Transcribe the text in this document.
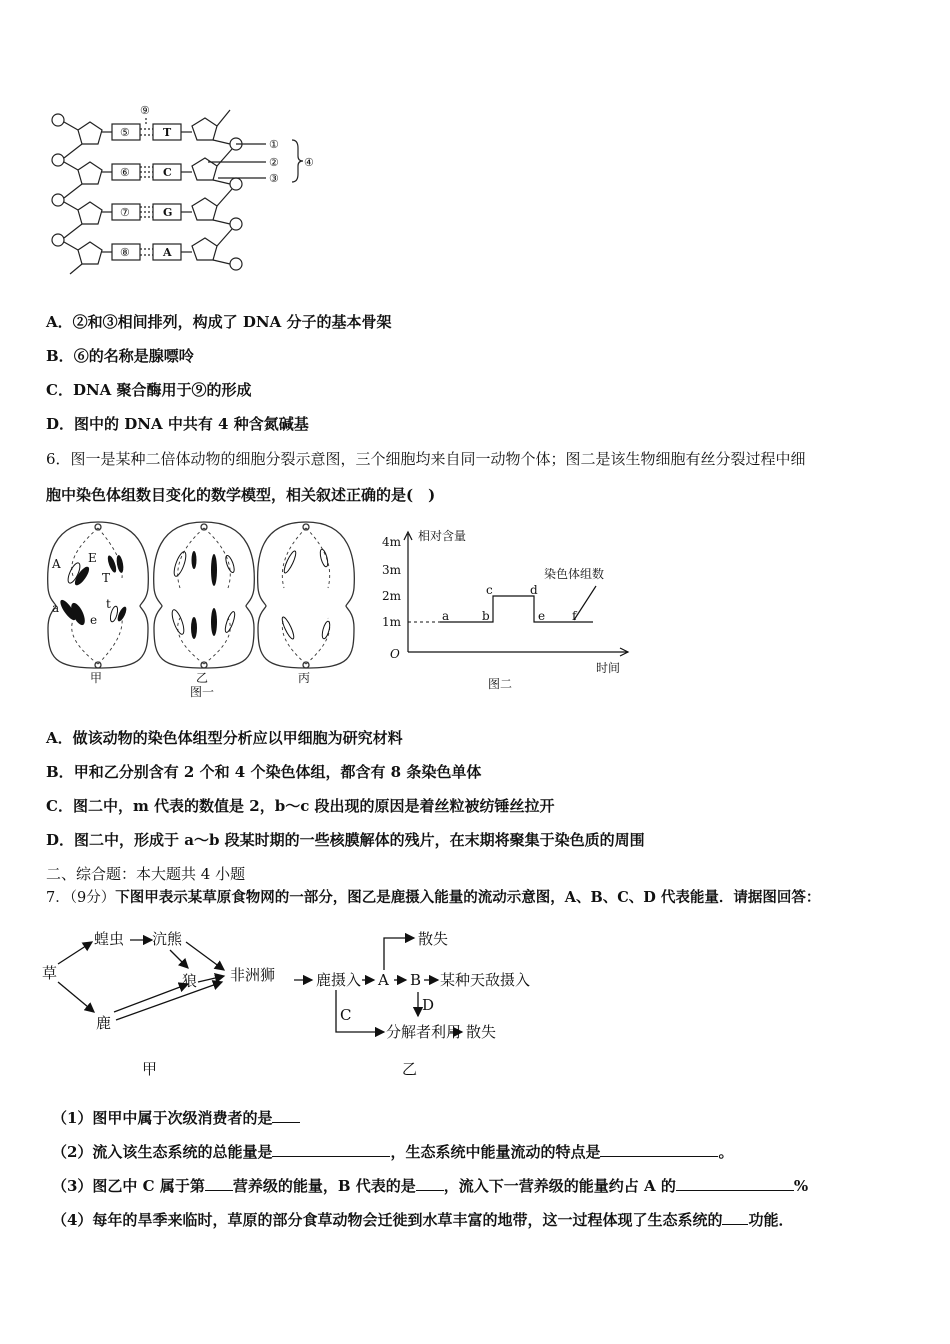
⑤
⑥
⑦
⑧
⑨
T
C
G
A
①
②
③
④
A．②和③相间排列，构成了 DNA 分子的基本骨架
B．⑥的名称是腺嘌呤
C．DNA 聚合酶用于⑨的形成
D．图中的 DNA 中共有 4 种含氮碱基
6．图一是某种二倍体动物的细胞分裂示意图，三个细胞均来自同一动物个体；图二是该生物细胞有丝分裂过程中细
胞中染色体组数目变化的数学模型，相关叙述正确的是(　)
A E
T
a
e
t
甲	乙	丙
图一
相对含量
4m
3m
2m
1m
O
时间
染色体组数
a	b
c	d
e f
图二
A．做该动物的染色体组型分析应以甲细胞为研究材料
B．甲和乙分别含有 2 个和 4 个染色体组，都含有 8 条染色单体
C．图二中，m 代表的数值是 2，b～c 段出现的原因是着丝粒被纺锤丝拉开
D．图二中，形成于 a～b 段某时期的一些核膜解体的残片，在末期将聚集于染色质的周围
二、综合题：本大题共 4 小题
7．（9分）下图甲表示某草原食物网的一部分，图乙是鹿摄入能量的流动示意图，A、B、C、D 代表能量．请据图回答：
草
蝗虫 沆熊
狼 非洲狮
鹿
甲
鹿摄入 A B
C
D
散失
某种天敌摄入
分解者利用 散失
乙
（1）图甲中属于次级消费者的是
（2）流入该生态系统的总能量是	，生态系统中能量流动的特点是	。
（3）图乙中 C 属于第 营养级的能量，B 代表的是 ，流入下一营养级的能量约占 A 的	%
（4）每年的旱季来临时，草原的部分食草动物会迁徙到水草丰富的地带，这一过程体现了生态系统的 功能．
